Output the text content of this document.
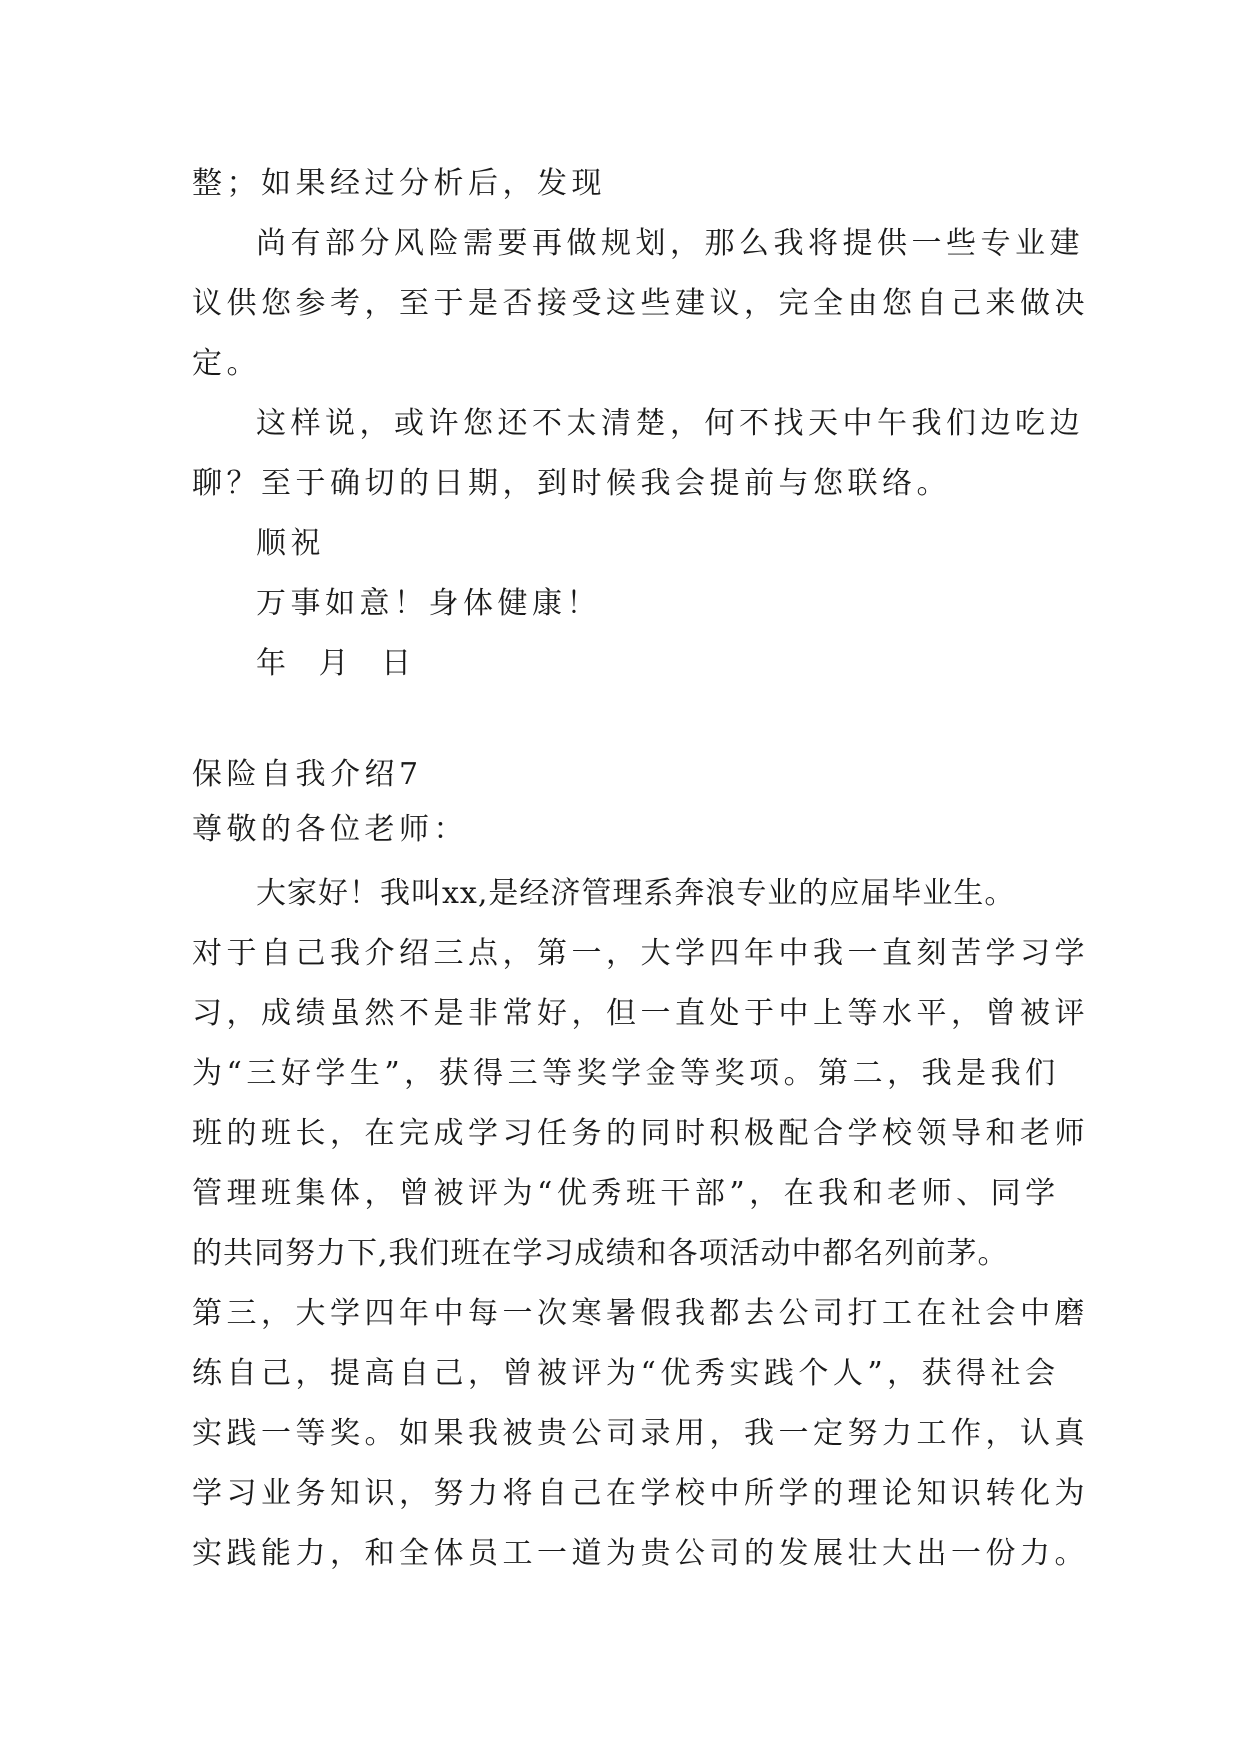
整；如果经过分析后，发现
尚有部分风险需要再做规划，那么我将提供一些专业建
议供您参考，至于是否接受这些建议，完全由您自己来做决
定。
这样说，或许您还不太清楚，何不找天中午我们边吃边
聊？至于确切的日期，到时候我会提前与您联络。
顺祝
万事如意！身体健康！
年  月  日
保险自我介绍7
尊敬的各位老师：
大家好！我叫xx,是经济管理系奔浪专业的应届毕业生。
对于自己我介绍三点，第一，大学四年中我一直刻苦学习学
习，成绩虽然不是非常好，但一直处于中上等水平，曾被评
为“三好学生”，获得三等奖学金等奖项。第二，我是我们
班的班长，在完成学习任务的同时积极配合学校领导和老师
管理班集体，曾被评为“优秀班干部”，在我和老师、同学
的共同努力下,我们班在学习成绩和各项活动中都名列前茅。
第三，大学四年中每一次寒暑假我都去公司打工在社会中磨
练自己，提高自己，曾被评为“优秀实践个人”，获得社会
实践一等奖。如果我被贵公司录用，我一定努力工作，认真
学习业务知识，努力将自己在学校中所学的理论知识转化为
实践能力，和全体员工一道为贵公司的发展壮大出一份力。
